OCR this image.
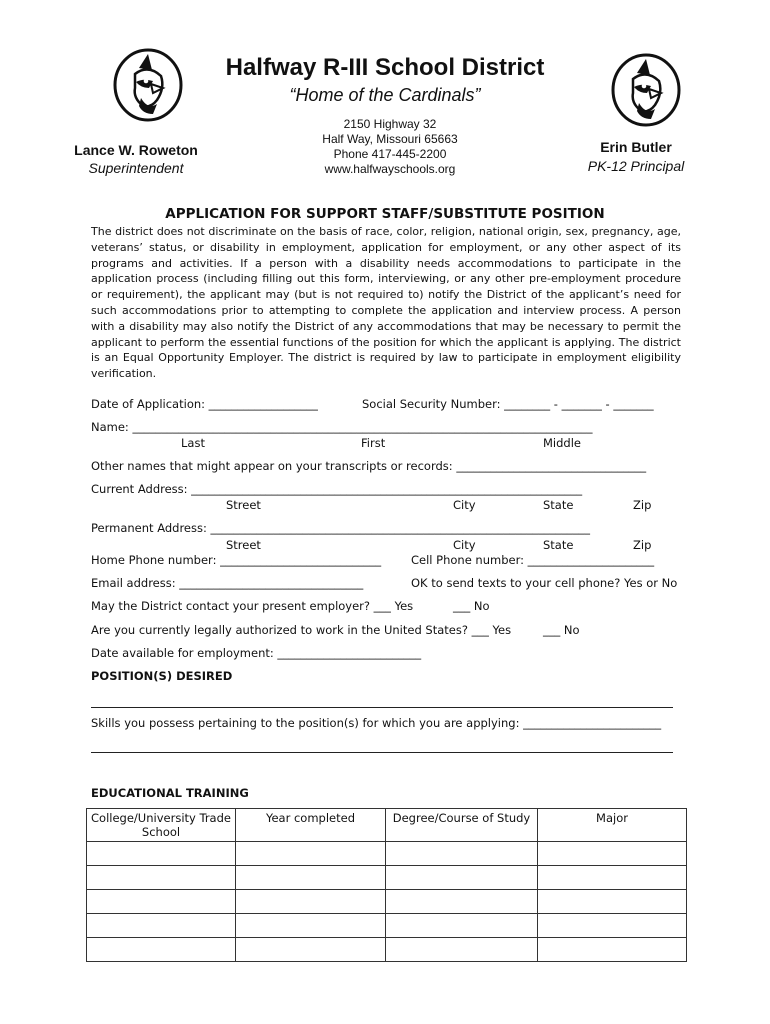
Halfway R-III School District
“Home of the Cardinals”
2150 Highway 32
Half Way, Missouri 65663
Phone 417-445-2200
www.halfwayschools.org
Lance W. Roweton
Superintendent
Erin Butler
PK-12 Principal
APPLICATION FOR SUPPORT STAFF/SUBSTITUTE POSITION
The district does not discriminate on the basis of race, color, religion, national origin, sex, pregnancy, age, veterans’ status, or disability in employment, application for employment, or any other aspect of its programs and activities. If a person with a disability needs accommodations to participate in the application process (including filling out this form, interviewing, or any other pre-employment procedure or requirement), the applicant may (but is not required to) notify the District of the applicant’s need for such accommodations prior to attempting to complete the application and interview process. A person with a disability may also notify the District of any accommodations that may be necessary to permit the applicant to perform the essential functions of the position for which the applicant is applying. The district is an Equal Opportunity Employer. The district is required by law to participate in employment eligibility verification.
Date of Application: ___________________	Social Security Number: ________ - _______ - _______
Name: ________________________________________________________________________________
Last	First	Middle
Other names that might appear on your transcripts or records: _________________________________
Current Address: ____________________________________________________________________
Street	City	State	Zip
Permanent Address: __________________________________________________________________
Street	City	State	Zip
Home Phone number: ____________________________	Cell Phone number: ______________________
Email address: ________________________________	OK to send texts to your cell phone? Yes or No
May the District contact your present employer? ___ Yes	___ No
Are you currently legally authorized to work in the United States? ___ Yes	___ No
Date available for employment: _________________________
POSITION(S) DESIRED
Skills you possess pertaining to the position(s) for which you are applying: ________________________
EDUCATIONAL TRAINING
College/University Trade School	Year completed	Degree/Course of Study	Major
